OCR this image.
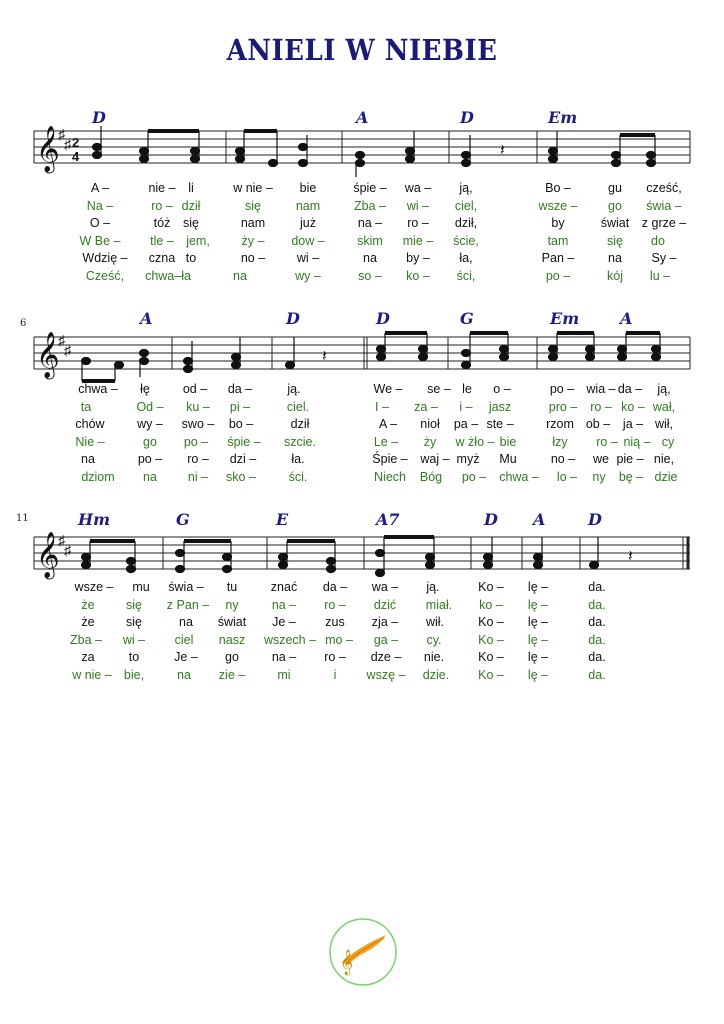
ANIELI W NIEBIE
D	A	D	Em
𝄞
♯
♯ 2
4	𝄽
A –	nie – li	w nie – bie	śpie – wa – ją,	Bo –	gu cześć,
Na –	ro – dził	się	nam	Zba – wi – ciel,	wsze – go świa –
O –	tóż się	nam	już	na – ro – dził,	by	świat z grze –
W Be – tle – jem,	ży – dow –	skim mie – ście,	tam	się do
Wdzię – czna to	no –	wi –	na by – ła,	Pan –	na Sy –
Cześć, chwa–ła	na	wy –	so – ko – ści,	po –	kój lu –
6	A	D	D	G	Em	A
𝄞
♯
♯	𝄽
chwa – łę	od – da –	ją.	We – se – le o –	po – wia – da – ją,
ta	Od – ku – pi –	ciel.	I – za – i – jasz	pro – ro – ko – wał,
chów	wy – swo – bo –	dził	A – nioł pa – ste –	rzom ob – ja – wił,
Nie –	go po – śpie – szcie.	Le – ży w żło – bie	łzy ro – nią – cy
na	po – ro – dzi –	ła.	Śpie – waj – myż Mu	no – we pie – nie,
dziom na ni – sko –	ści.	Niech Bóg po – chwa – lo – ny bę – dzie
11	Hm	G	E	A7	D A	D
𝄞
♯
♯	𝄽
wsze – mu świa – tu	znać da – wa – ją.	Ko – lę –	da.
że	się z Pan – ny	na – ro – dzić miał. ko – lę –	da.
że	się	na świat Je – zus zja – wił.	Ko – lę –	da.
Zba – wi – ciel nasz wszech – mo – ga – cy.	Ko – lę –	da.
za	to	Je – go	na – ro – dze – nie.	Ko – lę –	da.
w nie – bie,	na zie –	mi	i wszę – dzie. Ko – lę –	da.
𝄞
